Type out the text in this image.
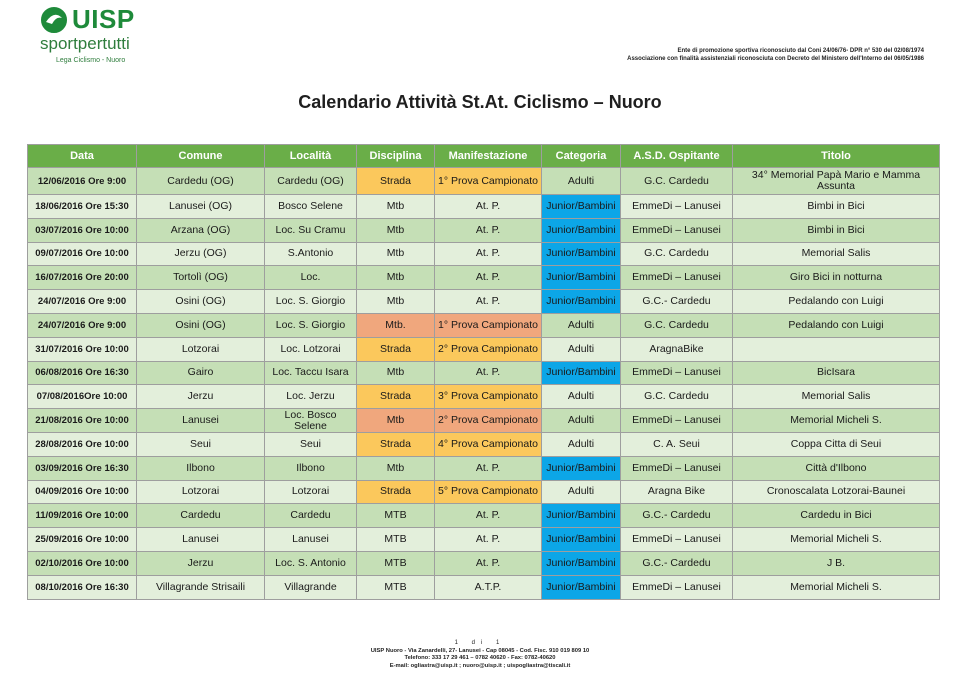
UISP
sportpertutti
Lega Ciclismo - Nuoro
Ente di promozione sportiva riconosciuto dal Coni 24/06/76- DPR n° 530 del 02/08/1974
Associazione con finalità assistenziali riconosciuta con Decreto del Ministero dell'Interno del 06/05/1986
Calendario Attività St.At. Ciclismo – Nuoro
Data	Comune	Località	Disciplina	Manifestazione	Categoria	A.S.D. Ospitante	Titolo
12/06/2016 Ore 9:00	Cardedu (OG)	Cardedu (OG)	Strada	1° Prova Campionato	Adulti	G.C. Cardedu	34° Memorial Papà Mario e Mamma Assunta
18/06/2016 Ore 15:30	Lanusei (OG)	Bosco Selene	Mtb	At. P.	Junior/Bambini	EmmeDi – Lanusei	Bimbi in Bici
03/07/2016 Ore 10:00	Arzana (OG)	Loc. Su Cramu	Mtb	At. P.	Junior/Bambini	EmmeDi – Lanusei	Bimbi in Bici
09/07/2016 Ore 10:00	Jerzu (OG)	S.Antonio	Mtb	At. P.	Junior/Bambini	G.C. Cardedu	Memorial Salis
16/07/2016 Ore 20:00	Tortolì (OG)	Loc.	Mtb	At. P.	Junior/Bambini	EmmeDi – Lanusei	Giro Bici in notturna
24/07/2016 Ore 9:00	Osini (OG)	Loc. S. Giorgio	Mtb	At. P.	Junior/Bambini	G.C.- Cardedu	Pedalando con Luigi
24/07/2016 Ore 9:00	Osini (OG)	Loc. S. Giorgio	Mtb.	1° Prova Campionato	Adulti	G.C. Cardedu	Pedalando con Luigi
31/07/2016 Ore 10:00	Lotzorai	Loc. Lotzorai	Strada	2° Prova Campionato	Adulti	AragnaBike	
06/08/2016 Ore 16:30	Gairo	Loc. Taccu Isara	Mtb	At. P.	Junior/Bambini	EmmeDi – Lanusei	BicIsara
07/08/2016Ore 10:00	Jerzu	Loc. Jerzu	Strada	3° Prova Campionato	Adulti	G.C. Cardedu	Memorial Salis
21/08/2016 Ore 10:00	Lanusei	Loc. Bosco Selene	Mtb	2° Prova Campionato	Adulti	EmmeDi – Lanusei	Memorial Micheli S.
28/08/2016 Ore 10:00	Seui	Seui	Strada	4° Prova Campionato	Adulti	C. A. Seui	Coppa Citta di Seui
03/09/2016 Ore 16:30	Ilbono	Ilbono	Mtb	At. P.	Junior/Bambini	EmmeDi – Lanusei	Città d'Ilbono
04/09/2016 Ore 10:00	Lotzorai	Lotzorai	Strada	5° Prova Campionato	Adulti	Aragna Bike	Cronoscalata Lotzorai-Baunei
11/09/2016 Ore 10:00	Cardedu	Cardedu	MTB	At. P.	Junior/Bambini	G.C.- Cardedu	Cardedu in Bici
25/09/2016 Ore 10:00	Lanusei	Lanusei	MTB	At. P.	Junior/Bambini	EmmeDi – Lanusei	Memorial Micheli S.
02/10/2016 Ore 10:00	Jerzu	Loc. S. Antonio	MTB	At. P.	Junior/Bambini	G.C.- Cardedu	J B.
08/10/2016 Ore 16:30	Villagrande Strisaili	Villagrande	MTB	A.T.P.	Junior/Bambini	EmmeDi – Lanusei	Memorial Micheli S.
1 di 1
UISP Nuoro - Via Zanardelli, 27- Lanusei - Cap 08045 - Cod. Fisc. 910 019 809 10
Telefono: 333 17 29 461 – 0782 40620 - Fax: 0782-40620
E-mail: ogliastra@uisp.it ; nuoro@uisp.it ; uispogliastra@tiscali.it
